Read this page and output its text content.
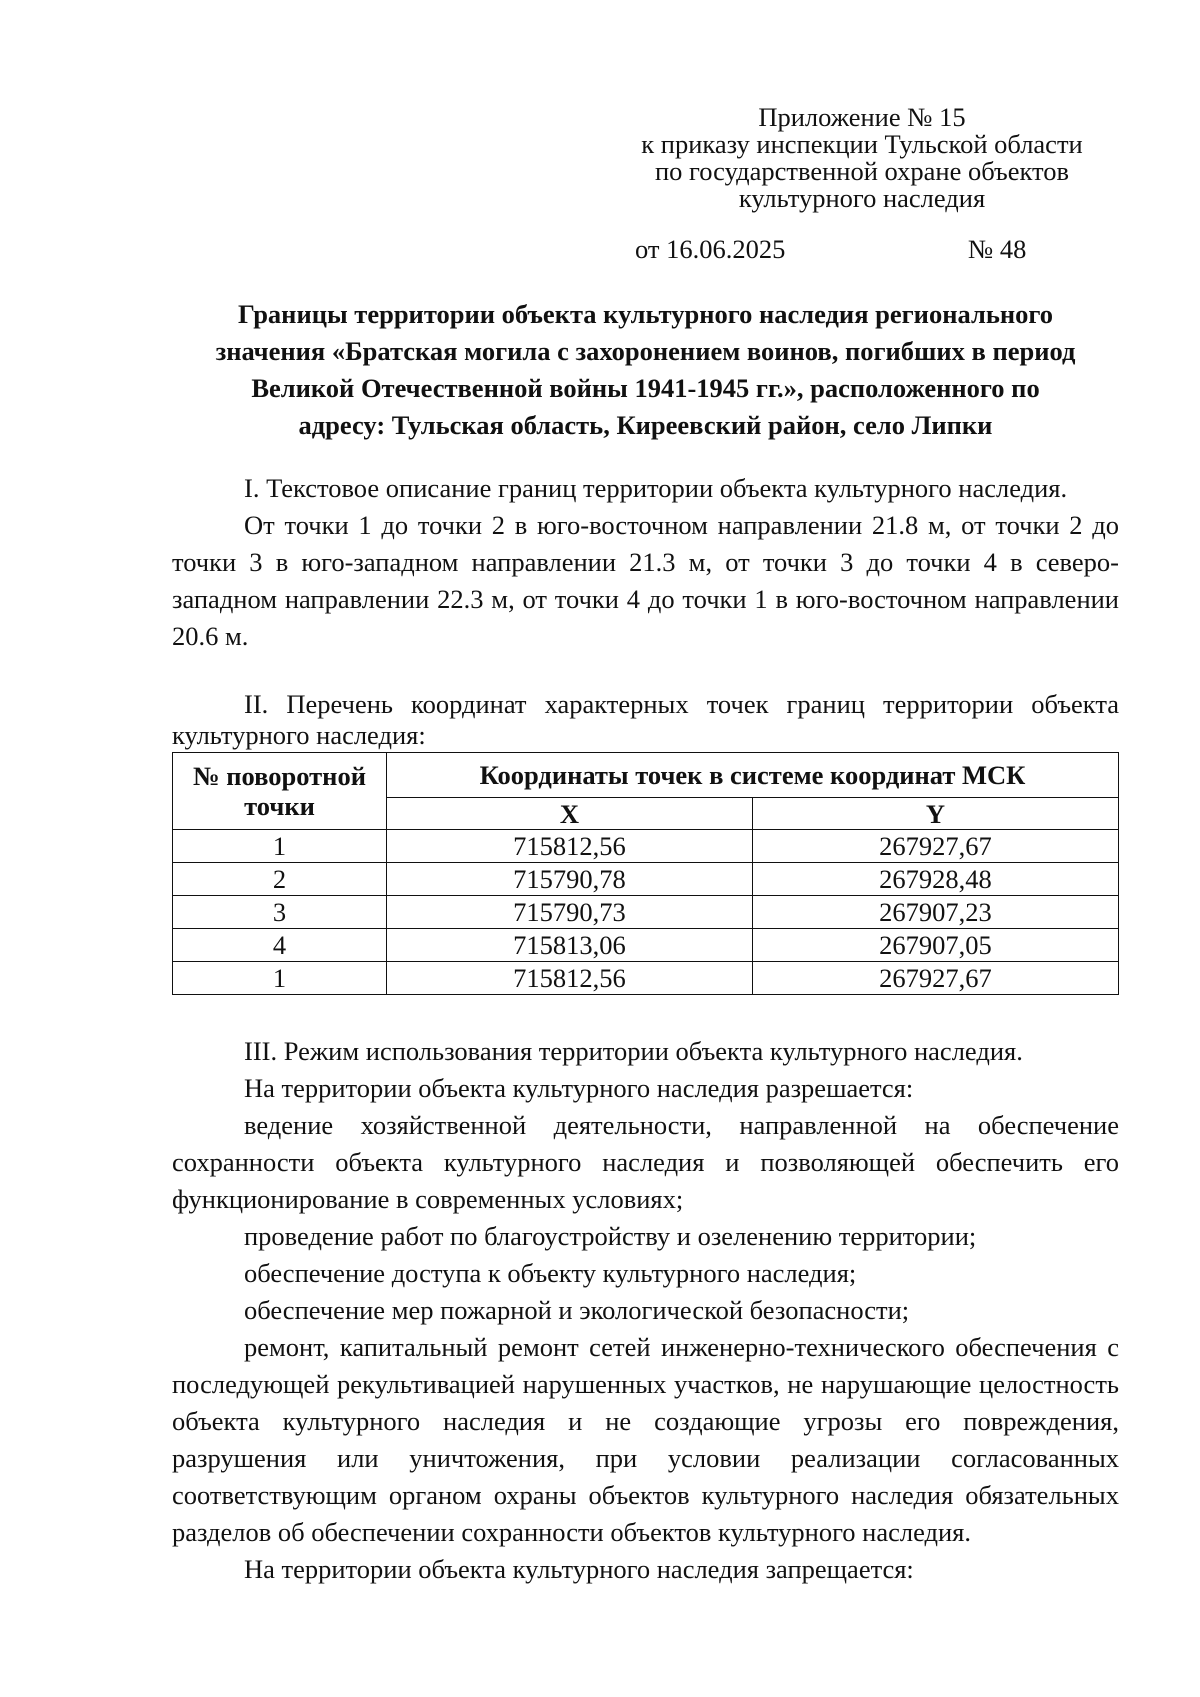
Приложение № 15
к приказу инспекции Тульской области
по государственной охране объектов
культурного наследия
от 16.06.2025	№ 48
Границы территории объекта культурного наследия регионального
значения «Братская могила с захоронением воинов, погибших в период
Великой Отечественной войны 1941-1945 гг.», расположенного по
адресу: Тульская область, Киреевский район, село Липки

I. Текстовое описание границ территории объекта культурного наследия.

От точки 1 до точки 2 в юго-восточном направлении 21.8 м, от точки 2 до точки 3 в юго-западном направлении 21.3 м, от точки 3 до точки 4 в северо-западном направлении 22.3 м, от точки 4 до точки 1 в юго-восточном направлении 20.6 м.

II. Перечень координат характерных точек границ территории объекта культурного наследия:

№ поворотной точки	Координаты точек в системе координат МСК	
	X	Y
1	715812,56	267927,67
2	715790,78	267928,48
3	715790,73	267907,23
4	715813,06	267907,05
1	715812,56	267927,67

III. Режим использования территории объекта культурного наследия.

На территории объекта культурного наследия разрешается:

ведение хозяйственной деятельности, направленной на обеспечение сохранности объекта культурного наследия и позволяющей обеспечить его функционирование в современных условиях;

проведение работ по благоустройству и озеленению территории;

обеспечение доступа к объекту культурного наследия;

обеспечение мер пожарной и экологической безопасности;

ремонт, капитальный ремонт сетей инженерно-технического обеспечения с последующей рекультивацией нарушенных участков, не нарушающие целостность объекта культурного наследия и не создающие угрозы его повреждения, разрушения или уничтожения, при условии реализации согласованных соответствующим органом охраны объектов культурного наследия обязательных разделов об обеспечении сохранности объектов культурного наследия.

На территории объекта культурного наследия запрещается:
